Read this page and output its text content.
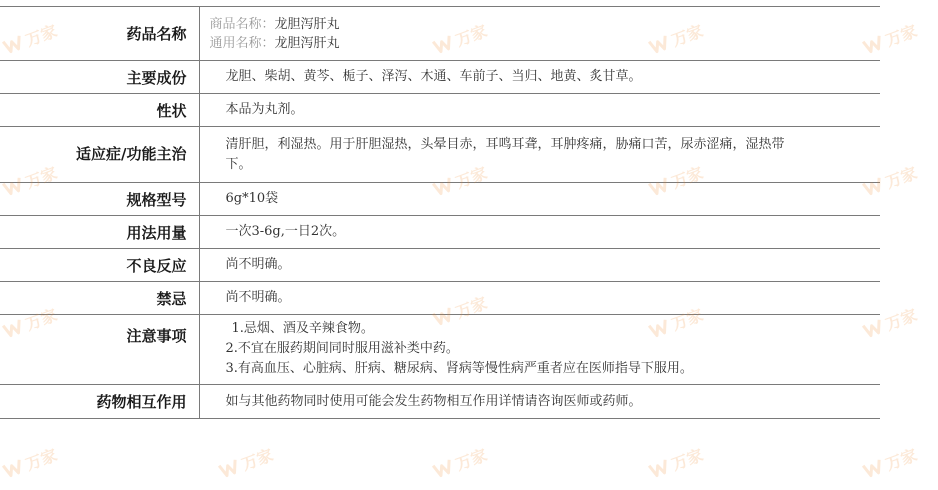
药品名称	商品名称：龙胆泻肝丸
通用名称：龙胆泻肝丸

主要成份	龙胆、柴胡、黄芩、栀子、泽泻、木通、车前子、当归、地黄、炙甘草。
性状	本品为丸剂。
适应症/功能主治	清肝胆，利湿热。用于肝胆湿热，头晕目赤，耳鸣耳聋，耳肿疼痛，胁痛口苦，尿赤涩痛，湿热带下。
规格型号	6g*10袋
用法用量	一次3-6g,一日2次。
不良反应	尚不明确。
禁忌	尚不明确。
注意事项	1.忌烟、酒及辛辣食物。
2.不宜在服药期间同时服用滋补类中药。
3.有高血压、心脏病、肝病、糖尿病、肾病等慢性病严重者应在医师指导下服用。

药物相互作用	如与其他药物同时使用可能会发生药物相互作用详情请咨询医师或药师。
万家	万家	万家	万家
万家	万家	万家	万家
万家	万家	万家	万家
万家	万家	万家	万家	万家
